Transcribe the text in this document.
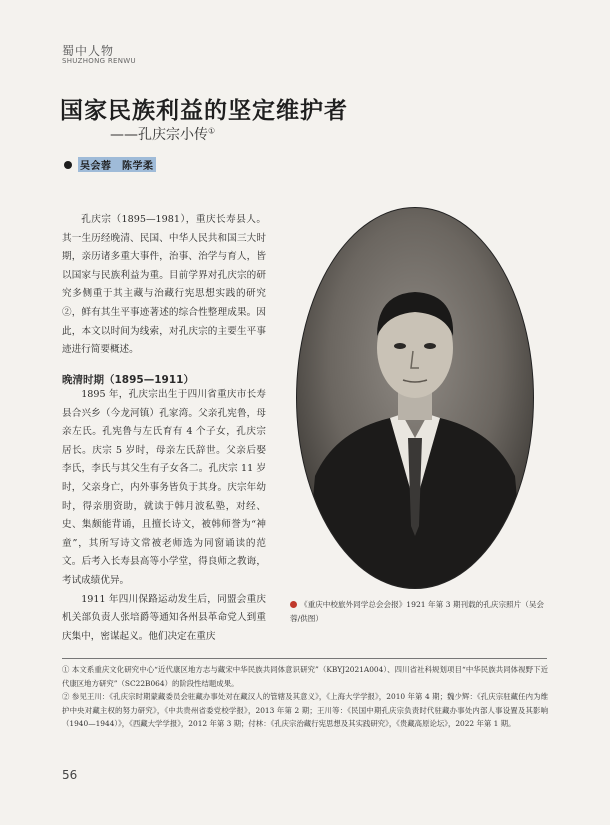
蜀中人物
SHUZHONG RENWU
国家民族利益的坚定维护者
——孔庆宗小传①
吴会蓉　陈学柔

孔庆宗（1895—1981），重庆长寿县人。其一生历经晚清、民国、中华人民共和国三大时期，亲历诸多重大事件，治事、治学与育人，皆以国家与民族利益为重。目前学界对孔庆宗的研究多侧重于其主藏与治藏行宪思想实践的研究②，鲜有其生平事迹著述的综合性整理成果。因此，本文以时间为线索，对孔庆宗的主要生平事迹进行简要概述。

晚清时期（1895—1911）

1895 年，孔庆宗出生于四川省重庆市长寿县合兴乡（今龙河镇）孔家湾。父亲孔宪鲁，母亲左氏。孔宪鲁与左氏育有 4 个子女，孔庆宗居长。庆宗 5 岁时，母亲左氏辞世。父亲后娶李氏，李氏与其父生有子女各二。孔庆宗 11 岁时，父亲身亡，内外事务皆负于其身。庆宗年幼时，得亲朋资助，就读于韩月波私塾，对经、史、集颇能背诵，且擅长诗文，被韩师誉为“神童”，其所写诗文常被老师选为同窗诵读的范文。后考入长寿县高等小学堂，得良师之教诲，考试成绩优异。

1911 年四川保路运动发生后，同盟会重庆机关部负责人张培爵等通知各州县革命党人到重庆集中，密谋起义。他们决定在重庆

《重庆中校旅外同学总会会报》1921 年第 3 期刊载的孔庆宗照片（吴会蓉/供图）

① 本文系重庆文化研究中心“近代康区地方志与藏宋中华民族共同体意识研究”（KBYJ2021A004）、四川省社科规划项目“中华民族共同体视野下近代康区地方研究”（SC22B064）的阶段性结题成果。

② 参见王川：《孔庆宗时期蒙藏委员会驻藏办事处对在藏汉人的管辖及其意义》，《上海大学学报》，2010 年第 4 期；魏少辉：《孔庆宗驻藏任内为维护中央对藏主权的努力研究》，《中共贵州省委党校学报》，2013 年第 2 期；王川等：《民国中期孔庆宗负责时代驻藏办事处内部人事设置及其影响（1940—1944）》，《西藏大学学报》，2012 年第 3 期；付林：《孔庆宗治藏行宪思想及其实践研究》，《贵藏高原论坛》，2022 年第 1 期。

56
